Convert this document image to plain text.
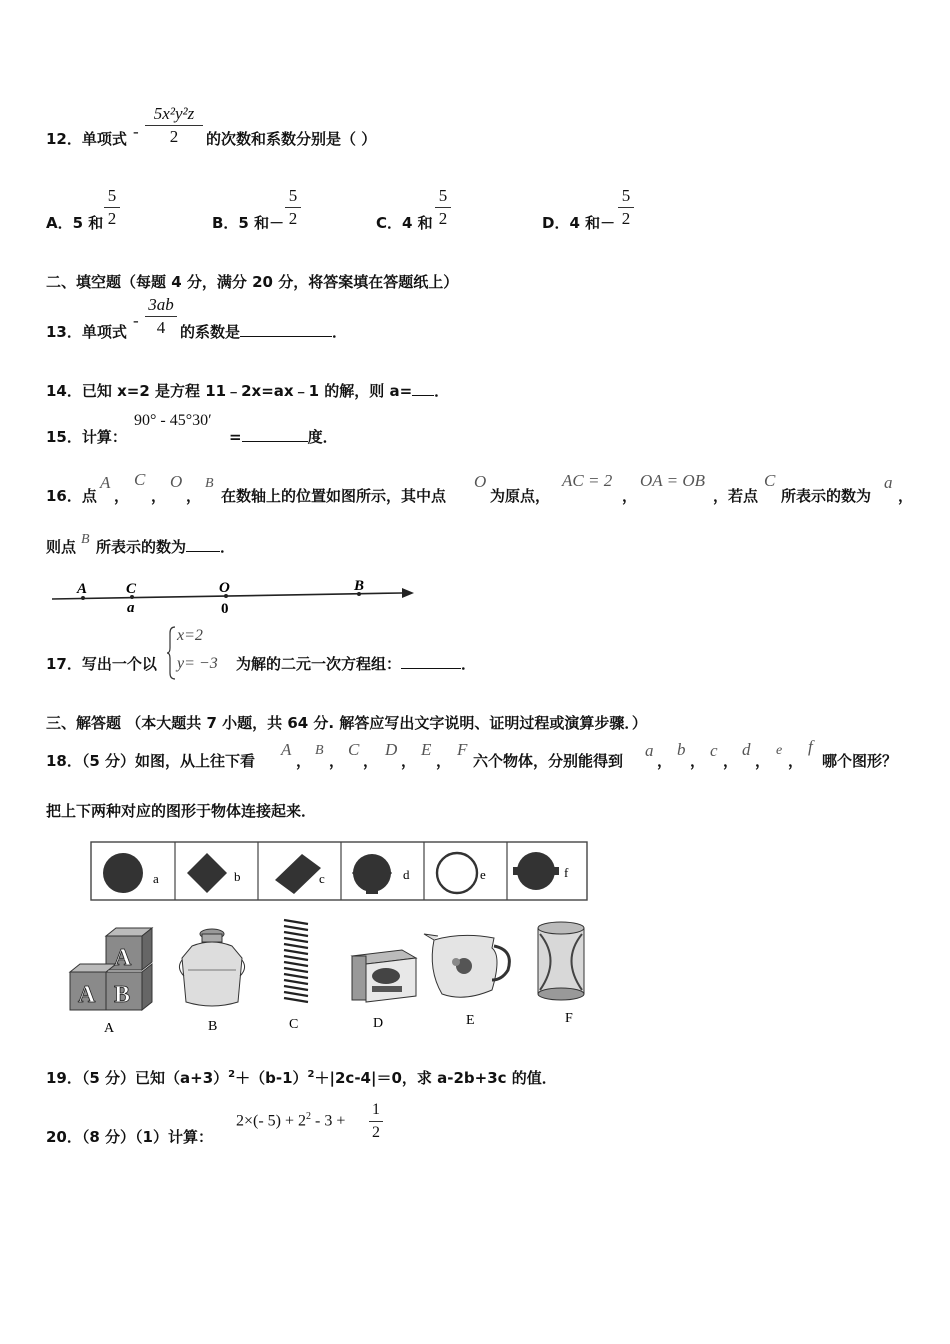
12．单项式 -
5x²y²z
2	的次数和系数分别是（ ）
A．5 和
5
2	B．5 和－
5
2	C．4 和
5
2	D．4 和－
5
2
二、填空题（每题 4 分，满分 20 分，将答案填在答题纸上）
13．单项式
-
3ab
4 的系数是	．
14．已知 x=2 是方程 11﹣2x=ax﹣1 的解，则 a= ．
15．计算：
90° - 45°30′
=	度．
16．点
A
，
C
，
O
，
B
在数轴上的位置如图所示，其中点
O
为原点，
AC = 2
，
OA = OB
，若点
C
所表示的数为
a
，
则点 B 所表示的数为 ．
A	C	O	B
a	0
17．写出一个以
x=2
y= −3 为解的二元一次方程组：	．
三、解答题 （本大题共 7 小题，共 64 分. 解答应写出文字说明、证明过程或演算步骤．）
18．（5 分）如图，从上往下看
A
，
B
，
C
，
D
，
E
，
F
六个物体，分别能得到
a
，
b
，
c
，
d
，
e
，
f
哪个图形？
把上下两种对应的图形于物体连接起来．
a	b	c	d	e	f
A
A B
A	B	C	D	E	F
19．（5 分）已知$(a+3)^2+(b-1)^2+|2c-4|=0$，求 a-2b+3c 的值．
20．（8 分）（1）计算：
2×(- $5) + 2^2 - 3$ +
1
2
